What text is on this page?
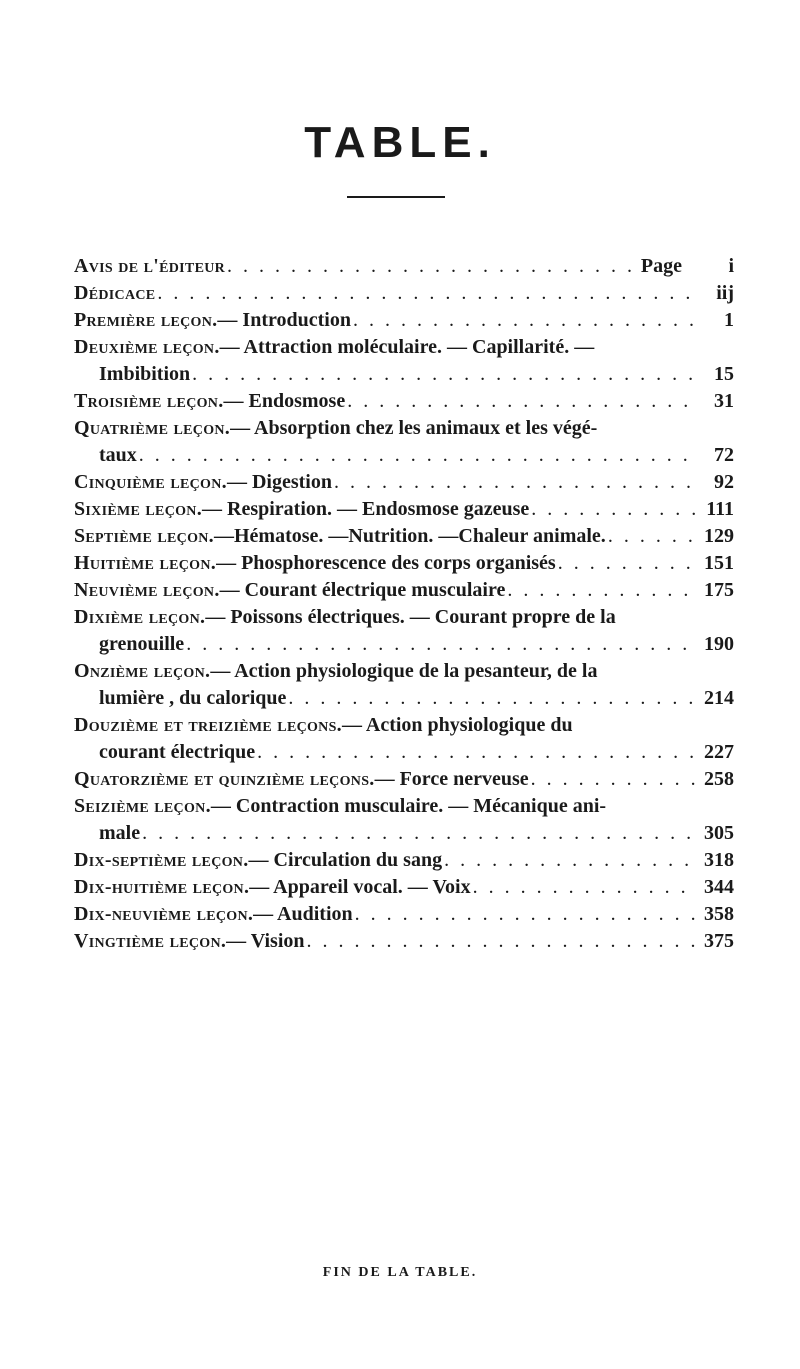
TABLE.
Avis de l'éditeur . . .	Page	i
Dédicace . . .	iij
Première leçon. — Introduction . . .	1
Deuxième leçon. — Attraction moléculaire. — Capillarité. —
Imbibition . . .	15
Troisième leçon. — Endosmose . . .	31
Quatrième leçon. — Absorption chez les animaux et les végé-
taux . . .	72
Cinquième leçon. — Digestion . . .	92
Sixième leçon. — Respiration. — Endosmose gazeuse . . .	111
Septième leçon. —Hématose. —Nutrition. —Chaleur animale. . . .	129
Huitième leçon. — Phosphorescence des corps organisés . . .	151
Neuvième leçon. — Courant électrique musculaire . . .	175
Dixième leçon. — Poissons électriques. — Courant propre de la
grenouille . . .	190
Onzième leçon. — Action physiologique de la pesanteur, de la
lumière , du calorique . . .	214
Douzième et treizième leçons. — Action physiologique du
courant électrique . . .	227
Quatorzième et quinzième leçons. — Force nerveuse . . .	258
Seizième leçon. — Contraction musculaire. — Mécanique ani-
male . . .	305
Dix-septième leçon. — Circulation du sang . . .	318
Dix-huitième leçon. — Appareil vocal. — Voix . . .	344
Dix-neuvième leçon. — Audition . . .	358
Vingtième leçon. — Vision . . .	375
FIN DE LA TABLE.
